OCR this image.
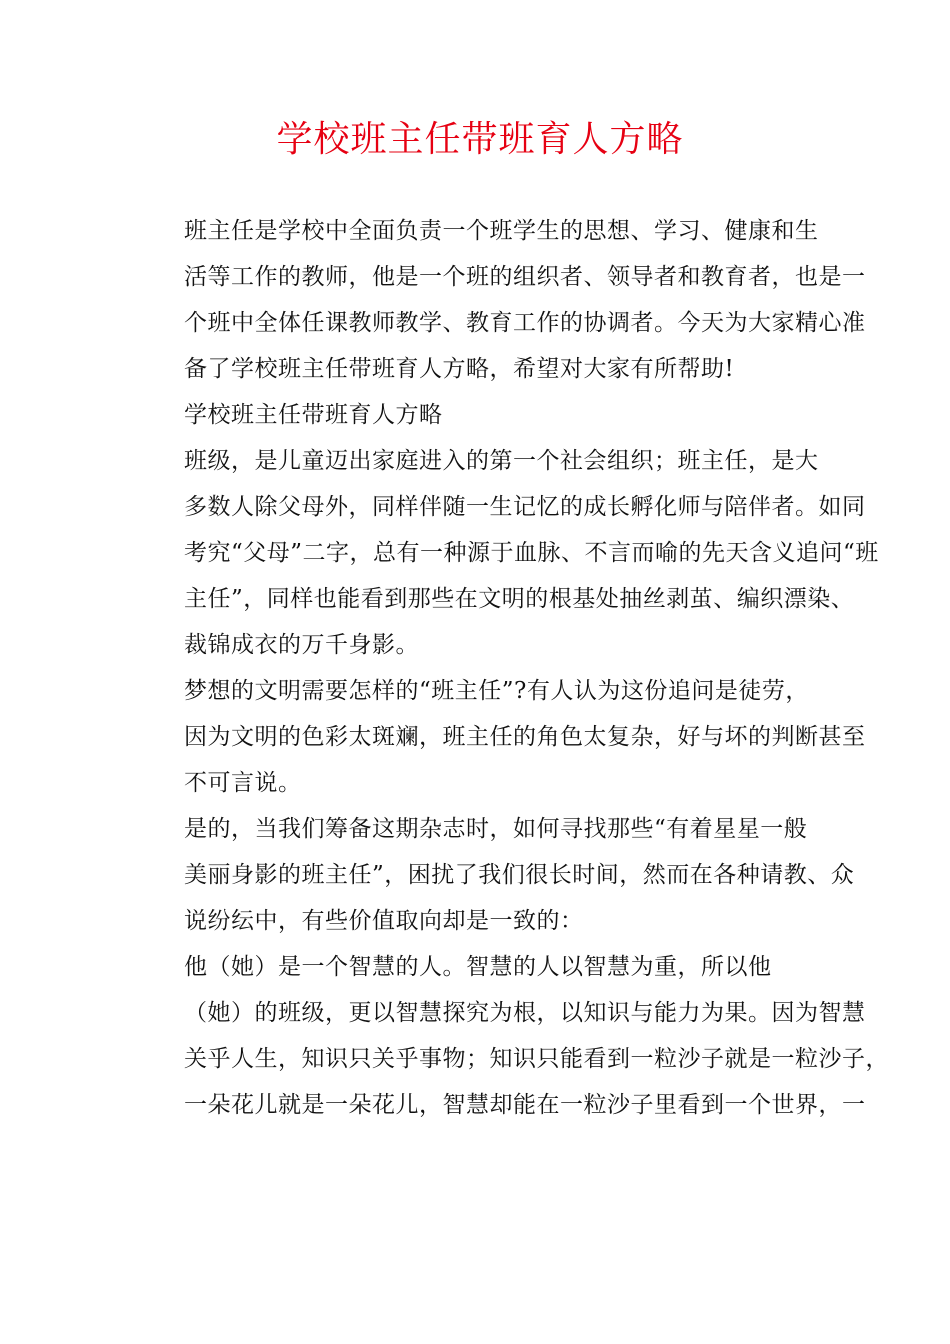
学校班主任带班育人方略

班主任是学校中全面负责一个班学生的思想、学习、健康和生
活等工作的教师，他是一个班的组织者、领导者和教育者，也是一
个班中全体任课教师教学、教育工作的协调者。今天为大家精心准
备了学校班主任带班育人方略，希望对大家有所帮助!

学校班主任带班育人方略

班级，是儿童迈出家庭进入的第一个社会组织；班主任，是大
多数人除父母外，同样伴随一生记忆的成长孵化师与陪伴者。如同
考究“父母”二字，总有一种源于血脉、不言而喻的先天含义追问“班
主任”，同样也能看到那些在文明的根基处抽丝剥茧、编织漂染、
裁锦成衣的万千身影。

梦想的文明需要怎样的“班主任”?有人认为这份追问是徒劳，
因为文明的色彩太斑斓，班主任的角色太复杂，好与坏的判断甚至
不可言说。

是的，当我们筹备这期杂志时，如何寻找那些“有着星星一般
美丽身影的班主任”，困扰了我们很长时间，然而在各种请教、众
说纷纭中，有些价值取向却是一致的：

他（她）是一个智慧的人。智慧的人以智慧为重，所以他
（她）的班级，更以智慧探究为根，以知识与能力为果。因为智慧
关乎人生，知识只关乎事物；知识只能看到一粒沙子就是一粒沙子，
一朵花儿就是一朵花儿，智慧却能在一粒沙子里看到一个世界，一
